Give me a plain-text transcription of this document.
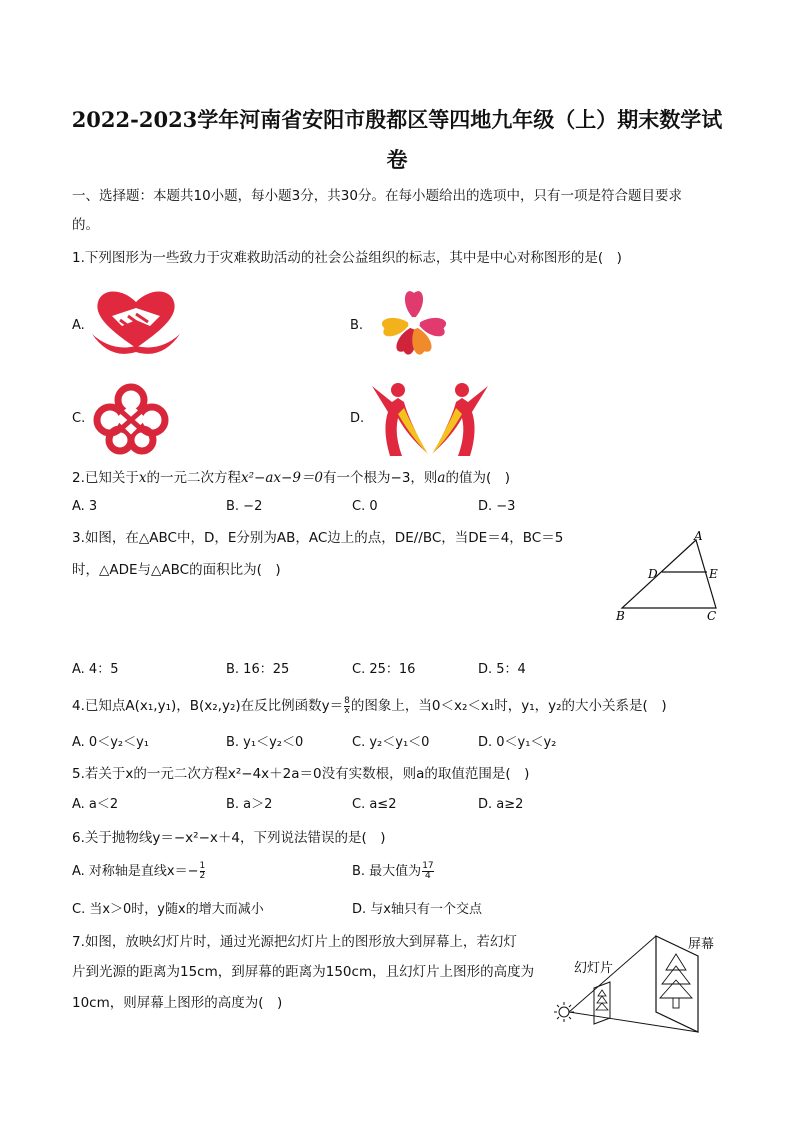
2022-2023学年河南省安阳市殷都区等四地九年级（上）期末数学试
卷
一、选择题：本题共10小题，每小题3分，共30分。在每小题给出的选项中，只有一项是符合题目要求
的。
1.下列图形为一些致力于灾难救助活动的社会公益组织的标志，其中是中心对称图形的是(　)
A.	B.
C.	D.
2.已知关于x的一元二次方程x²−ax−9＝0有一个根为−3，则a的值为(　)
A. 3	B. −2	C. 0	D. −3
3.如图，在△ABC中，D，E分别为AB，AC边上的点，DE//BC，当DE＝4，BC＝5
时，△ADE与△ABC的面积比为(　)
A
D	E
B	C
A. 4：5	B. 16：25	C. 25：16	D. 5：4
4.已知点A(x₁,y₁)，B(x₂,y₂)在反比例函数$y= \frac{8}{x}$ 的图象上，当0＜x₂＜x₁时，y₁，y₂的大小关系是(　)
A. 0＜y₂＜y₁	B. y₁＜y₂＜0	C. y₂＜y₁＜0	D. 0＜y₁＜y₂
5.若关于x的一元二次方程x²−4x＋2a＝0没有实数根，则a的取值范围是(　)
A. a＜2	B. a＞2	C. a≤2	D. a≥2
6.关于抛物线y＝−x²−x＋4，下列说法错误的是(　)
A. 对称轴是直线$x=- \frac{1}{2}$	B. 最大值为 $\frac{17}{4}$
C. 当x＞0时，y随x的增大而减小	D. 与x轴只有一个交点
7.如图，放映幻灯片时，通过光源把幻灯片上的图形放大到屏幕上，若幻灯
片到光源的距离为15cm，到屏幕的距离为150cm，且幻灯片上图形的高度为
10cm，则屏幕上图形的高度为(　)
幻灯片
屏幕
